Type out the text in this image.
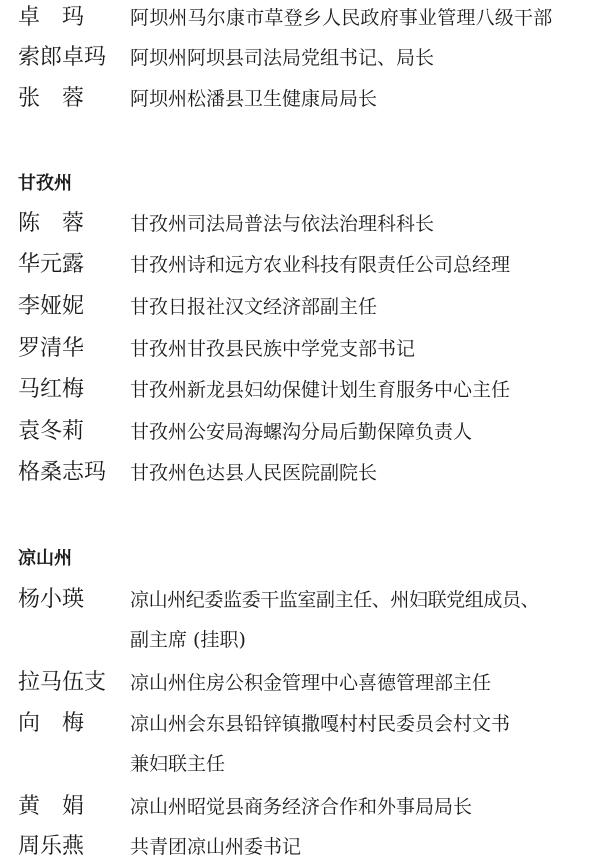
卓　玛 阿坝州马尔康市草登乡人民政府事业管理八级干部
索郎卓玛 阿坝州阿坝县司法局党组书记、局长
张　蓉 阿坝州松潘县卫生健康局局长
甘孜州
陈　蓉 甘孜州司法局普法与依法治理科科长
华元露 甘孜州诗和远方农业科技有限责任公司总经理
李娅妮 甘孜日报社汉文经济部副主任
罗清华 甘孜州甘孜县民族中学党支部书记
马红梅 甘孜州新龙县妇幼保健计划生育服务中心主任
袁冬莉 甘孜州公安局海螺沟分局后勤保障负责人
格桑志玛 甘孜州色达县人民医院副院长
凉山州
杨小瑛 凉山州纪委监委干监室副主任、州妇联党组成员、
副主席 (挂职)
拉马伍支 凉山州住房公积金管理中心喜德管理部主任
向　梅 凉山州会东县铅锌镇撒嘎村村民委员会村文书
兼妇联主任
黄　娟 凉山州昭觉县商务经济合作和外事局局长
周乐燕 共青团凉山州委书记
